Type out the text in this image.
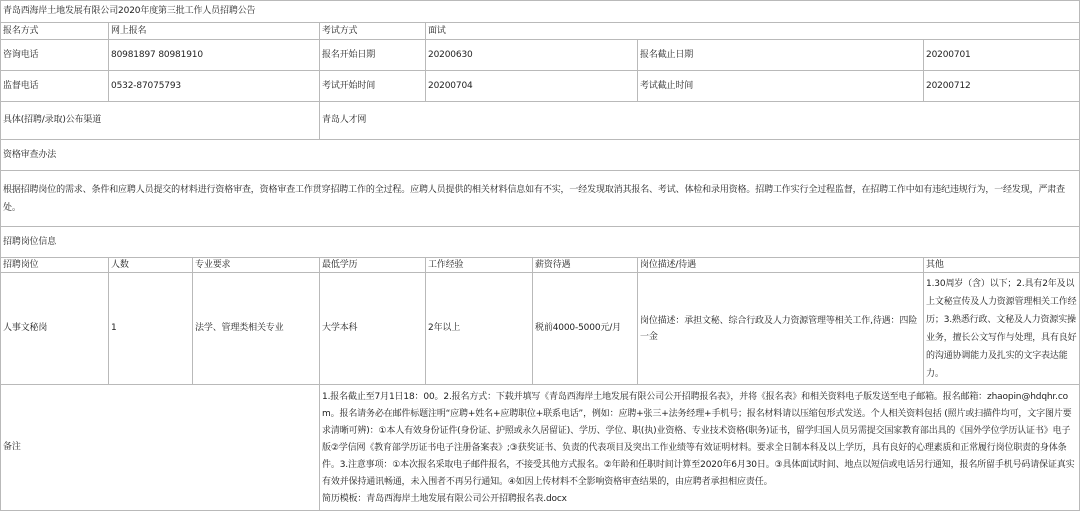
青岛西海岸土地发展有限公司2020年度第三批工作人员招聘公告							
报名方式	网上报名		考试方式	面试			
咨询电话	80981897 80981910		报名开始日期	20200630		报名截止日期	20200701
监督电话	0532-87075793		考试开始时间	20200704		考试截止时间	20200712
具体(招聘/录取)公布渠道			青岛人才网				
资格审查办法							
根据招聘岗位的需求、条件和应聘人员提交的材料进行资格审查，资格审查工作贯穿招聘工作的全过程。应聘人员提供的相关材料信息如有不实，一经发现取消其报名、考试、体检和录用资格。招聘工作实行全过程监督，在招聘工作中如有违纪违规行为，一经发现，严肃查处。							
招聘岗位信息							
招聘岗位	人数	专业要求	最低学历	工作经验	薪资待遇	岗位描述/待遇	其他
人事文秘岗	1	法学、管理类相关专业	大学本科	2年以上	税前4000-5000元/月	岗位描述：承担文秘、综合行政及人力资源管理等相关工作,待遇：四险一金	1.30周岁（含）以下；2.具有2年及以上文秘宣传及人力资源管理相关工作经历；3.熟悉行政、文秘及人力资源实操业务，擅长公文写作与处理，具有良好的沟通协调能力及扎实的文字表达能力。
备注			1.报名截止至7月1日18：00。2.报名方式：下载并填写《青岛西海岸土地发展有限公司公开招聘报名表》，并将《报名表》和相关资料电子版发送至电子邮箱。报名邮箱：zhaopin@hdqhr.com。报名请务必在邮件标题注明“应聘+姓名+应聘职位+联系电话”，例如：应聘+张三+法务经理+手机号；报名材料请以压缩包形式发送。个人相关资料包括 (照片或扫描件均可，文字图片要求清晰可辨)：①本人有效身份证件(身份证、护照或永久居留证)、学历、学位、职(执)业资格、专业技术资格(职务)证书，留学归国人员另需提交国家教育部出具的《国外学位学历认证书》电子版②学信网《教育部学历证书电子注册备案表》;③获奖证书、负责的代表项目及突出工作业绩等有效证明材料。要求全日制本科及以上学历，具有良好的心理素质和正常履行岗位职责的身体条件。3.注意事项：①本次报名采取电子邮件报名，不接受其他方式报名。②年龄和任职时间计算至2020年6月30日。③具体面试时间、地点以短信或电话另行通知，报名所留手机号码请保证真实有效并保持通讯畅通，未入围者不再另行通知。④如因上传材料不全影响资格审查结果的，由应聘者承担相应责任。
简历模板：青岛西海岸土地发展有限公司公开招聘报名表.docx				
